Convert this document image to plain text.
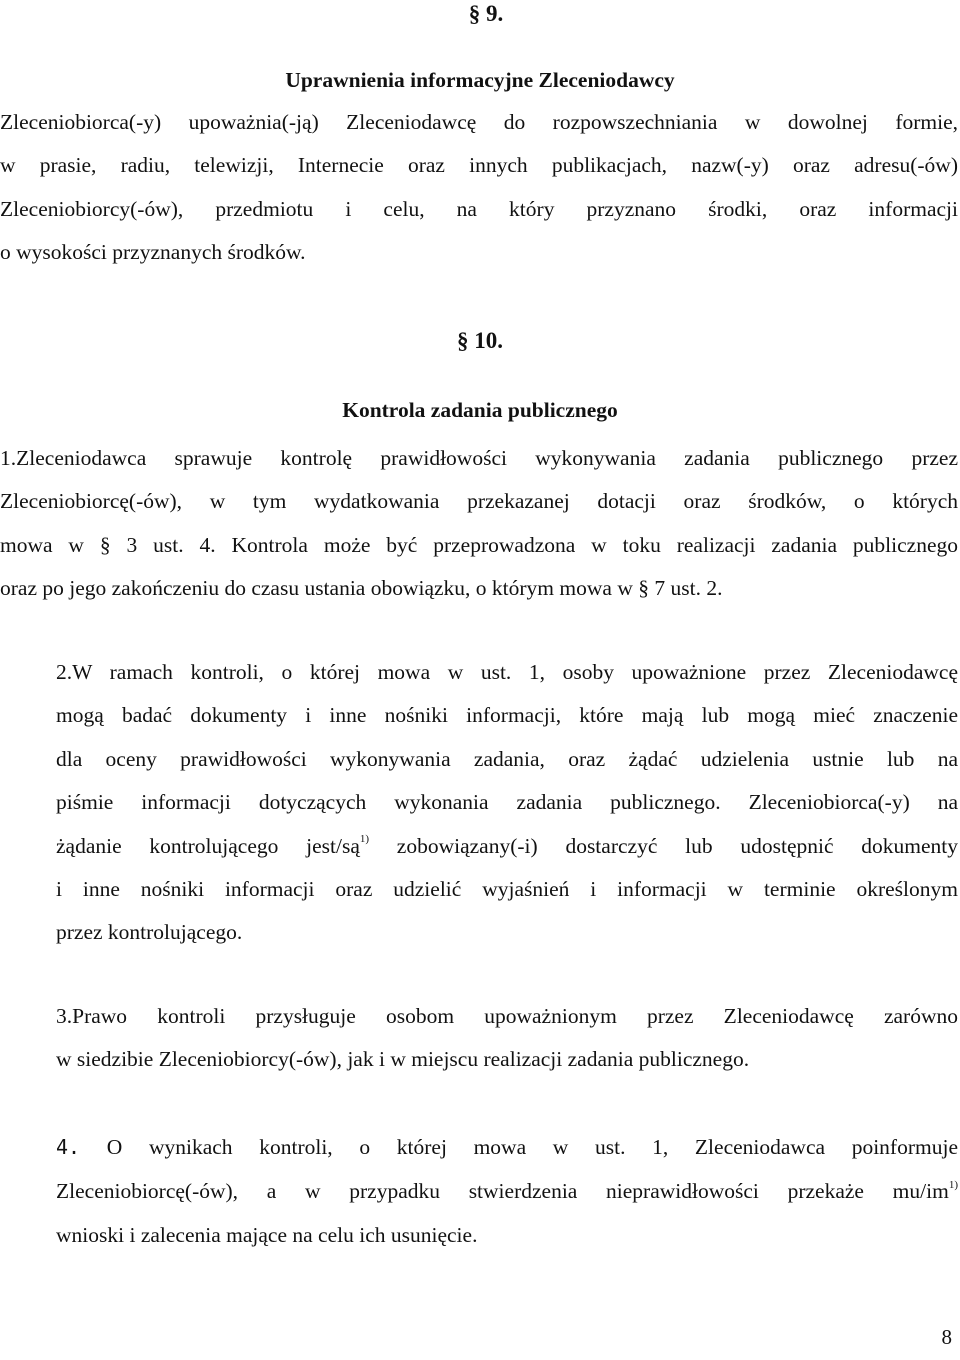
§ 9.
Uprawnienia informacyjne Zleceniodawcy
Zleceniobiorca(-y) upoważnia(-ją) Zleceniodawcę do rozpowszechniania w dowolnej formie,
w prasie, radiu, telewizji, Internecie oraz innych publikacjach, nazw(-y) oraz adresu(-ów)
Zleceniobiorcy(-ów), przedmiotu i celu, na który przyznano środki, oraz informacji
o wysokości przyznanych środków.
§ 10.
Kontrola zadania publicznego
1.Zleceniodawca sprawuje kontrolę prawidłowości wykonywania zadania publicznego przez
Zleceniobiorcę(-ów), w tym wydatkowania przekazanej dotacji oraz środków, o których
mowa w § 3 ust. 4. Kontrola może być przeprowadzona w toku realizacji zadania publicznego
oraz po jego zakończeniu do czasu ustania obowiązku, o którym mowa w § 7 ust. 2.
2.W ramach kontroli, o której mowa w ust. 1, osoby upoważnione przez Zleceniodawcę
mogą badać dokumenty i inne nośniki informacji, które mają lub mogą mieć znaczenie
dla oceny prawidłowości wykonywania zadania, oraz żądać udzielenia ustnie lub na
piśmie informacji dotyczących wykonania zadania publicznego. Zleceniobiorca(-y) na
żądanie kontrolującego jest/$są^{1)}$ zobowiązany(-i) dostarczyć lub udostępnić dokumenty
i inne nośniki informacji oraz udzielić wyjaśnień i informacji w terminie określonym
przez kontrolującego.
3.Prawo kontroli przysługuje osobom upoważnionym przez Zleceniodawcę zarówno
w siedzibie Zleceniobiorcy(-ów), jak i w miejscu realizacji zadania publicznego.
4. O wynikach kontroli, o której mowa w ust. 1, Zleceniodawca poinformuje
Zleceniobiorcę(-ów), a w przypadku stwierdzenia nieprawidłowości przekaże $mu/im^{1)}$
wnioski i zalecenia mające na celu ich usunięcie.
8
